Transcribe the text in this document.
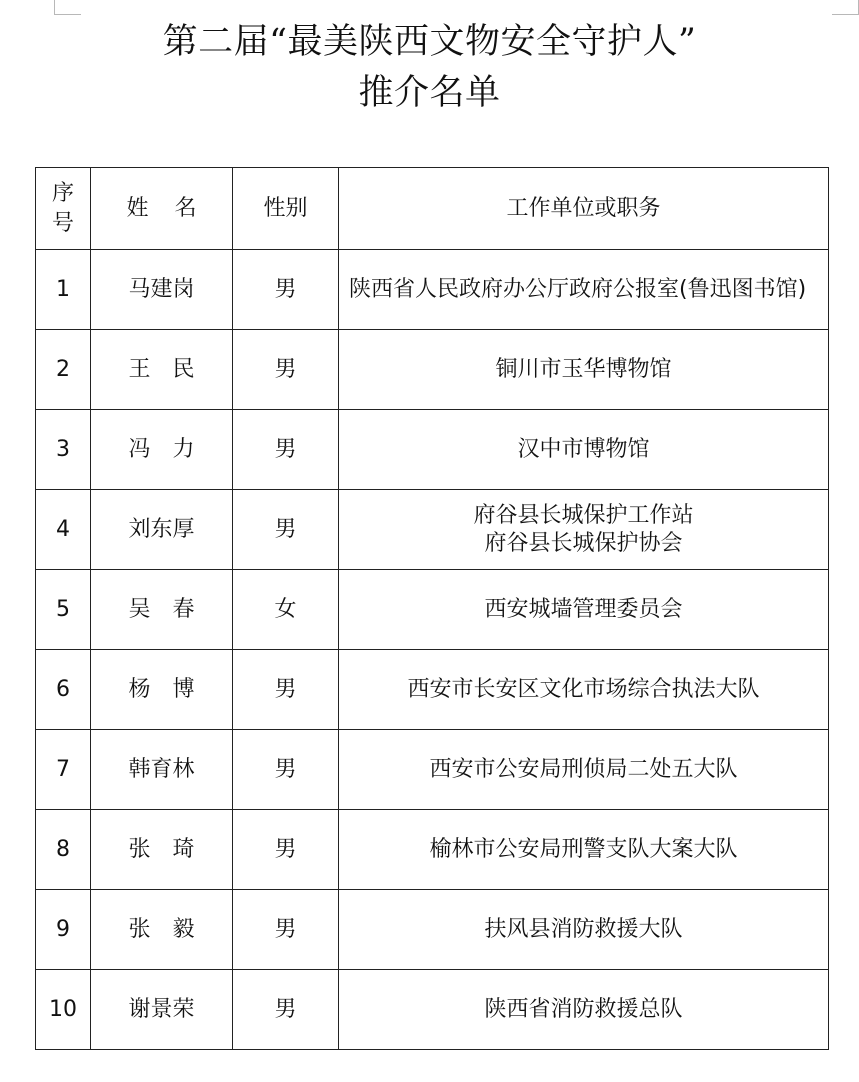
第二届“最美陕西文物安全守护人”
推介名单
序号	姓名	性别	工作单位或职务
1	马建岗	男	陕西省人民政府办公厅政府公报室(鲁迅图书馆)

2	王　民	男	铜川市玉华博物馆

3	冯　力	男	汉中市博物馆

4	刘东厚	男	府谷县长城保护工作站
府谷县长城保护协会

5	吴　春	女	西安城墙管理委员会

6	杨　博	男	西安市长安区文化市场综合执法大队

7	韩育林	男	西安市公安局刑侦局二处五大队

8	张　琦	男	榆林市公安局刑警支队大案大队

9	张　毅	男	扶风县消防救援大队

10	谢景荣	男	陕西省消防救援总队
